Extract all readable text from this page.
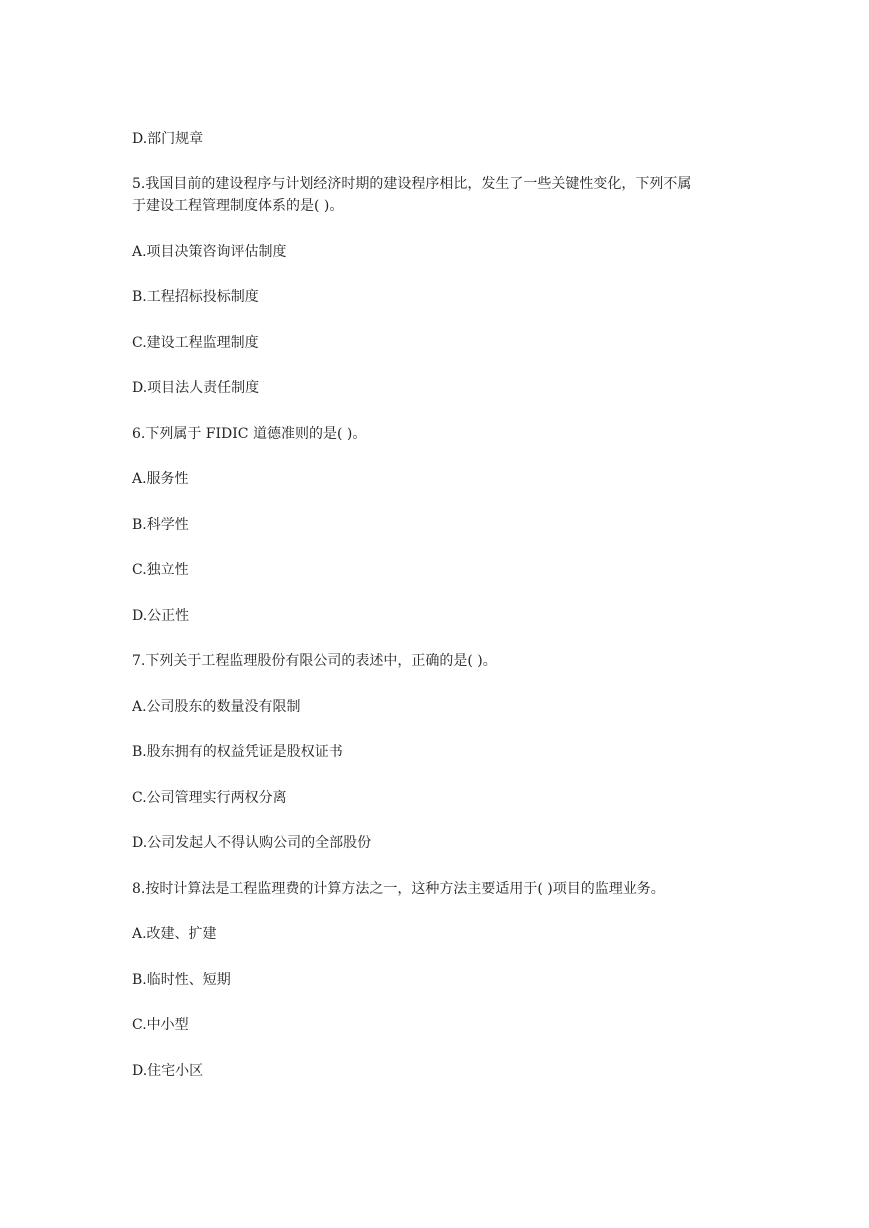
D.部门规章
5.我国目前的建设程序与计划经济时期的建设程序相比，发生了一些关键性变化，下列不属
于建设工程管理制度体系的是( )。
A.项目决策咨询评估制度
B.工程招标投标制度
C.建设工程监理制度
D.项目法人责任制度
6.下列属于 FIDIC 道德准则的是( )。
A.服务性
B.科学性
C.独立性
D.公正性
7.下列关于工程监理股份有限公司的表述中，正确的是( )。
A.公司股东的数量没有限制
B.股东拥有的权益凭证是股权证书
C.公司管理实行两权分离
D.公司发起人不得认购公司的全部股份
8.按时计算法是工程监理费的计算方法之一，这种方法主要适用于( )项目的监理业务。
A.改建、扩建
B.临时性、短期
C.中小型
D.住宅小区
